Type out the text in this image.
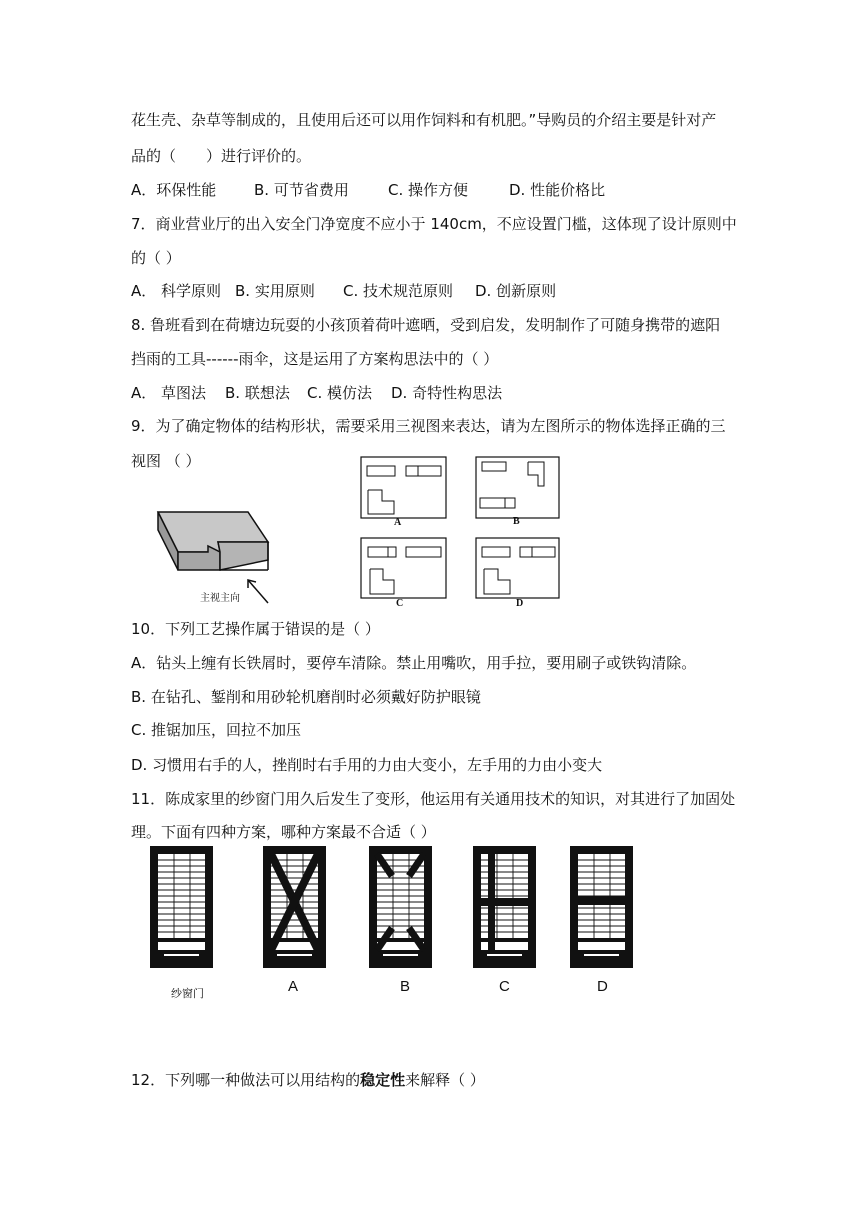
花生壳、杂草等制成的，且使用后还可以用作饲料和有机肥。”导购员的介绍主要是针对产
品的（　　）进行评价的。
A．环保性能	B. 可节省费用	C. 操作方便	D. 性能价格比
7．商业营业厅的出入安全门净宽度不应小于 140cm，不应设置门槛，这体现了设计原则中
的（ ）
A． 科学原则 B. 实用原则 C. 技术规范原则 D. 创新原则
8. 鲁班看到在荷塘边玩耍的小孩顶着荷叶遮晒，受到启发，发明制作了可随身携带的遮阳
挡雨的工具------雨伞，这是运用了方案构思法中的（ ）
A． 草图法 B. 联想法 C. 模仿法 D. 奇特性构思法
9．为了确定物体的结构形状，需要采用三视图来表达，请为左图所示的物体选择正确的三
视图 （ ）
主视主向
A	B
C	D
10．下列工艺操作属于错误的是（ ）
A．钻头上缠有长铁屑时，要停车清除。禁止用嘴吹，用手拉，要用刷子或铁钩清除。
B. 在钻孔、錾削和用砂轮机磨削时必须戴好防护眼镜
C. 推锯加压，回拉不加压
D. 习惯用右手的人，挫削时右手用的力由大变小，左手用的力由小变大
11．陈成家里的纱窗门用久后发生了变形，他运用有关通用技术的知识，对其进行了加固处
理。下面有四种方案，哪种方案最不合适（ ）
纱窗门	A	B	C	D
12．下列哪一种做法可以用结构的稳定性来解释（ ）
